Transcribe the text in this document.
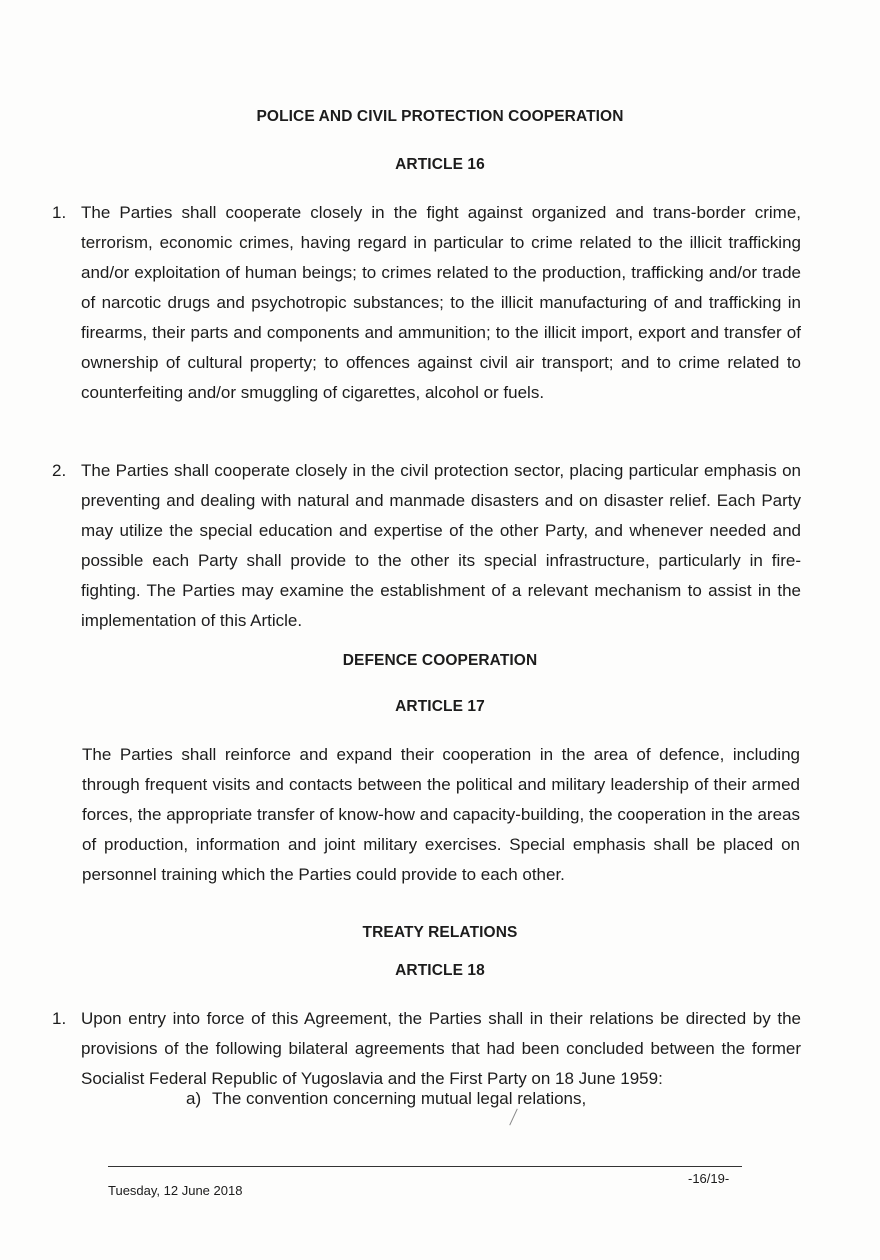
POLICE AND CIVIL PROTECTION COOPERATION
ARTICLE 16
1. The Parties shall cooperate closely in the fight against organized and trans-border crime, terrorism, economic crimes, having regard in particular to crime related to the illicit trafficking and/or exploitation of human beings; to crimes related to the production, trafficking and/or trade of narcotic drugs and psychotropic substances; to the illicit manufacturing of and trafficking in firearms, their parts and components and ammunition; to the illicit import, export and transfer of ownership of cultural property; to offences against civil air transport; and to crime related to counterfeiting and/or smuggling of cigarettes, alcohol or fuels.
2. The Parties shall cooperate closely in the civil protection sector, placing particular emphasis on preventing and dealing with natural and manmade disasters and on disaster relief. Each Party may utilize the special education and expertise of the other Party, and whenever needed and possible each Party shall provide to the other its special infrastructure, particularly in fire-fighting. The Parties may examine the establishment of a relevant mechanism to assist in the implementation of this Article.
DEFENCE COOPERATION
ARTICLE 17
The Parties shall reinforce and expand their cooperation in the area of defence, including through frequent visits and contacts between the political and military leadership of their armed forces, the appropriate transfer of know-how and capacity-building, the cooperation in the areas of production, information and joint military exercises. Special emphasis shall be placed on personnel training which the Parties could provide to each other.
TREATY RELATIONS
ARTICLE 18
1. Upon entry into force of this Agreement, the Parties shall in their relations be directed by the provisions of the following bilateral agreements that had been concluded between the former Socialist Federal Republic of Yugoslavia and the First Party on 18 June 1959:
a) The convention concerning mutual legal relations,
Tuesday, 12 June 2018
-16/19-
